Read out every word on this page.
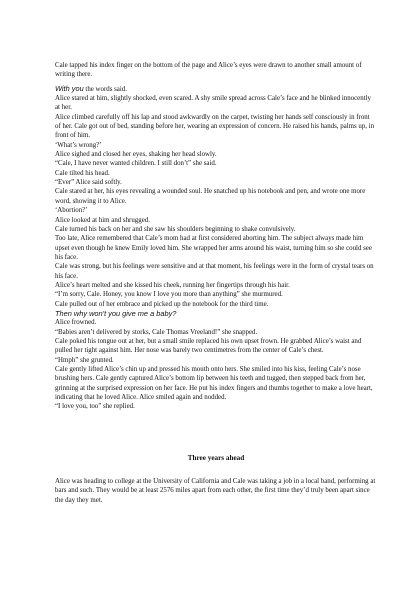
Cale tapped his index finger on the bottom of the page and Alice’s eyes were drawn to another small amount of writing there.

With you the words said.

Alice stared at him, slightly shocked, even scared. A shy smile spread across Cale’s face and he blinked innocently at her.

Alice climbed carefully off his lap and stood awkwardly on the carpet, twisting her hands self consciously in front of her. Cale got out of bed, standing before her, wearing an expression of concern. He raised his hands, palms up, in front of him.

‘What’s wrong?’

Alice sighed and closed her eyes, shaking her head slowly.

“Cale, I have never wanted children. I still don’t” she said.

Cale tilted his head.

“Ever” Alice said softly.

Cale stared at her, his eyes revealing a wounded soul. He snatched up his notebook and pen, and wrote one more word, showing it to Alice.

‘Abortion?’

Alice looked at him and shrugged.

Cale turned his back on her and she saw his shoulders beginning to shake convulsively.

Too late, Alice remembered that Cale’s mom had at first considered aborting him. The subject always made him upset even though he knew Emily loved him. She wrapped her arms around his waist, turning him so she could see his face.

Cale was strong, but his feelings were sensitive and at that moment, his feelings were in the form of crystal tears on his face.

Alice’s heart melted and she kissed his cheek, running her fingertips through his hair.

“I’m sorry, Cale. Honey, you know I love you more than anything” she murmured.

Cale pulled out of her embrace and picked up the notebook for the third time.

Then why won't you give me a baby?

Alice frowned.

“Babies aren’t delivered by storks, Cale Thomas Vreeland!” she snapped.

Cale poked his tongue out at her, but a small smile replaced his own upset frown. He grabbed Alice’s waist and pulled her tight against him. Her nose was barely two centimetres from the center of Cale’s chest.

“Hmph” she grunted.

Cale gently lifted Alice’s chin up and pressed his mouth onto hers. She smiled into his kiss, feeling Cale’s nose brushing hers. Cale gently captured Alice’s bottom lip between his teeth and tugged, then stepped back from her, grinning at the surprised expression on her face. He put his index fingers and thumbs together to make a love heart, indicating that he loved Alice. Alice smiled again and nodded.

“I love you, too” she replied.

Three years ahead

Alice was heading to college at the University of California and Cale was taking a job in a local band, performing at bars and such. They would be at least 2576 miles apart from each other, the first time they’d truly been apart since the day they met.
